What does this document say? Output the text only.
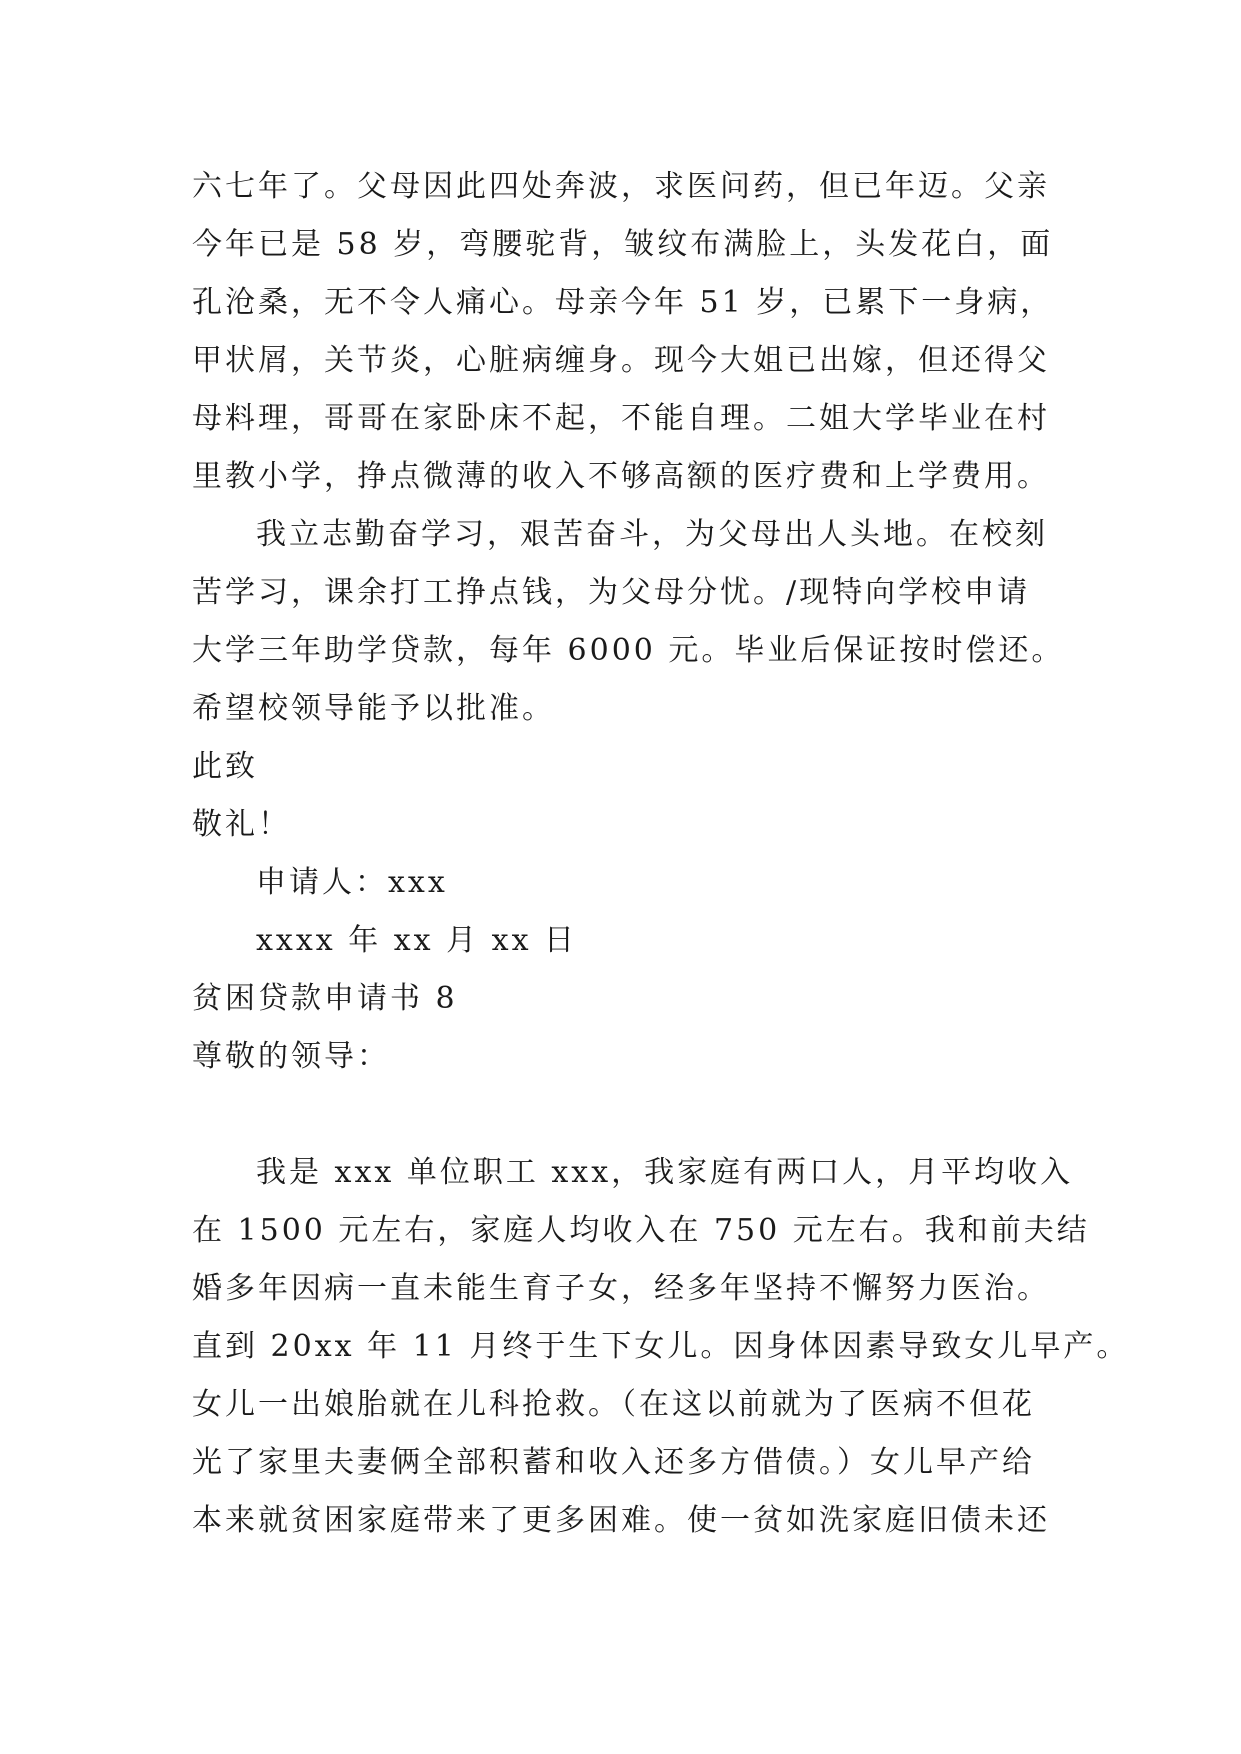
六七年了。父母因此四处奔波，求医问药，但已年迈。父亲
今年已是 58 岁，弯腰驼背，皱纹布满脸上，头发花白，面
孔沧桑，无不令人痛心。母亲今年 51 岁，已累下一身病，
甲状屑，关节炎，心脏病缠身。现今大姐已出嫁，但还得父
母料理，哥哥在家卧床不起，不能自理。二姐大学毕业在村
里教小学，挣点微薄的收入不够高额的医疗费和上学费用。
我立志勤奋学习，艰苦奋斗，为父母出人头地。在校刻
苦学习，课余打工挣点钱，为父母分忧。/现特向学校申请
大学三年助学贷款，每年 6000 元。毕业后保证按时偿还。
希望校领导能予以批准。
此致
敬礼！
申请人：xxx
xxxx 年 xx 月 xx 日
贫困贷款申请书 8
尊敬的领导：
我是 xxx 单位职工 xxx，我家庭有两口人，月平均收入
在 1500 元左右，家庭人均收入在 750 元左右。我和前夫结
婚多年因病一直未能生育子女，经多年坚持不懈努力医治。
直到 20xx 年 11 月终于生下女儿。因身体因素导致女儿早产。
女儿一出娘胎就在儿科抢救。（在这以前就为了医病不但花
光了家里夫妻俩全部积蓄和收入还多方借债。）女儿早产给
本来就贫困家庭带来了更多困难。使一贫如洗家庭旧债未还
